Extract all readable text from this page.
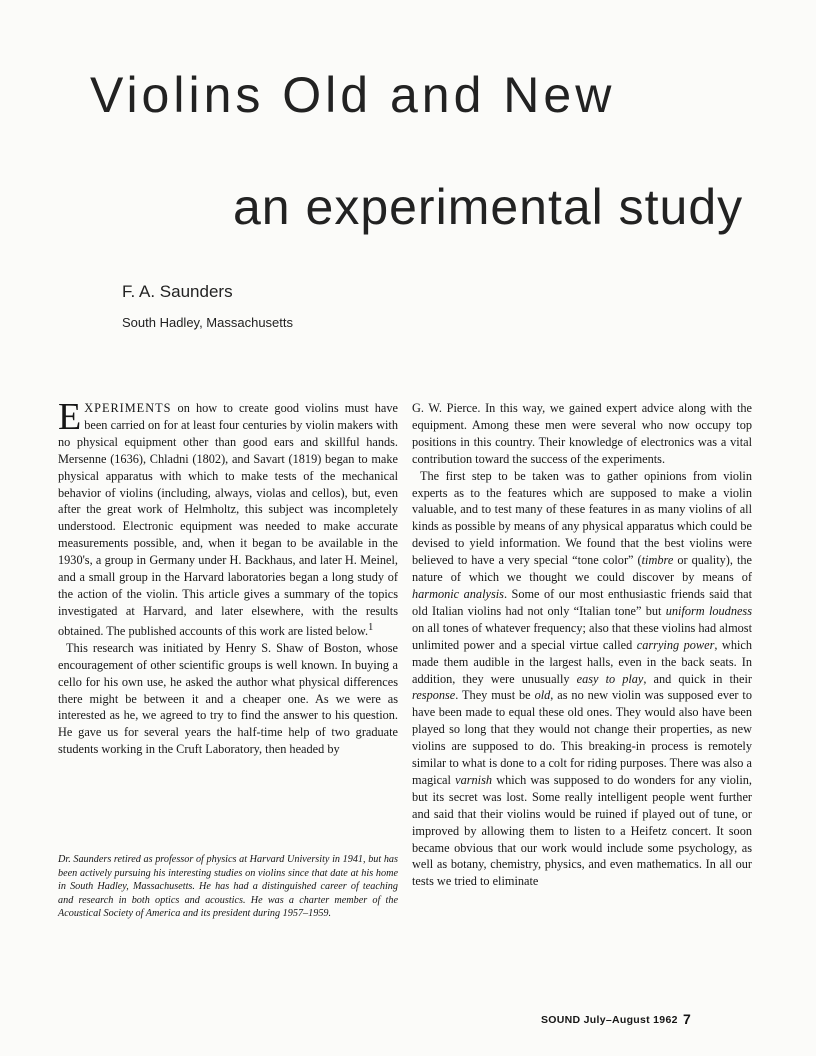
Violins Old and New
an experimental study
F. A. Saunders
South Hadley, Massachusetts

EXPERIMENTS on how to create good violins must have been carried on for at least four centuries by violin makers with no physical equipment other than good ears and skillful hands. Mersenne (1636), Chladni (1802), and Savart (1819) began to make physical apparatus with which to make tests of the mechanical behavior of violins (including, always, violas and cellos), but, even after the great work of Helmholtz, this subject was incompletely understood. Electronic equipment was needed to make accurate measurements possible, and, when it began to be available in the 1930's, a group in Germany under H. Backhaus, and later H. Meinel, and a small group in the Harvard laboratories began a long study of the action of the violin. This article gives a summary of the topics investigated at Harvard, and later elsewhere, with the results obtained. The published accounts of this work are listed below.$^1$

This research was initiated by Henry S. Shaw of Boston, whose encouragement of other scientific groups is well known. In buying a cello for his own use, he asked the author what physical differences there might be between it and a cheaper one. As we were as interested as he, we agreed to try to find the answer to his question. He gave us for several years the half-time help of two graduate students working in the Cruft Laboratory, then headed by

Dr. Saunders retired as professor of physics at Harvard University in 1941, but has been actively pursuing his interesting studies on violins since that date at his home in South Hadley, Massachusetts. He has had a distinguished career of teaching and research in both optics and acoustics. He was a charter member of the Acoustical Society of America and its president during 1957–1959.

G. W. Pierce. In this way, we gained expert advice along with the equipment. Among these men were several who now occupy top positions in this country. Their knowledge of electronics was a vital contribution toward the success of the experiments.

The first step to be taken was to gather opinions from violin experts as to the features which are supposed to make a violin valuable, and to test many of these features in as many violins of all kinds as possible by means of any physical apparatus which could be devised to yield information. We found that the best violins were believed to have a very special “tone color” (timbre or quality), the nature of which we thought we could discover by means of harmonic analysis. Some of our most enthusiastic friends said that old Italian violins had not only “Italian tone” but uniform loudness on all tones of whatever frequency; also that these violins had almost unlimited power and a special virtue called carrying power, which made them audible in the largest halls, even in the back seats. In addition, they were unusually easy to play, and quick in their response. They must be old, as no new violin was supposed ever to have been made to equal these old ones. They would also have been played so long that they would not change their properties, as new violins are supposed to do. This breaking-in process is remotely similar to what is done to a colt for riding purposes. There was also a magical varnish which was supposed to do wonders for any violin, but its secret was lost. Some really intelligent people went further and said that their violins would be ruined if played out of tune, or improved by allowing them to listen to a Heifetz concert. It soon became obvious that our work would include some psychology, as well as botany, chemistry, physics, and even mathematics. In all our tests we tried to eliminate

SOUND July–August 1962 7
